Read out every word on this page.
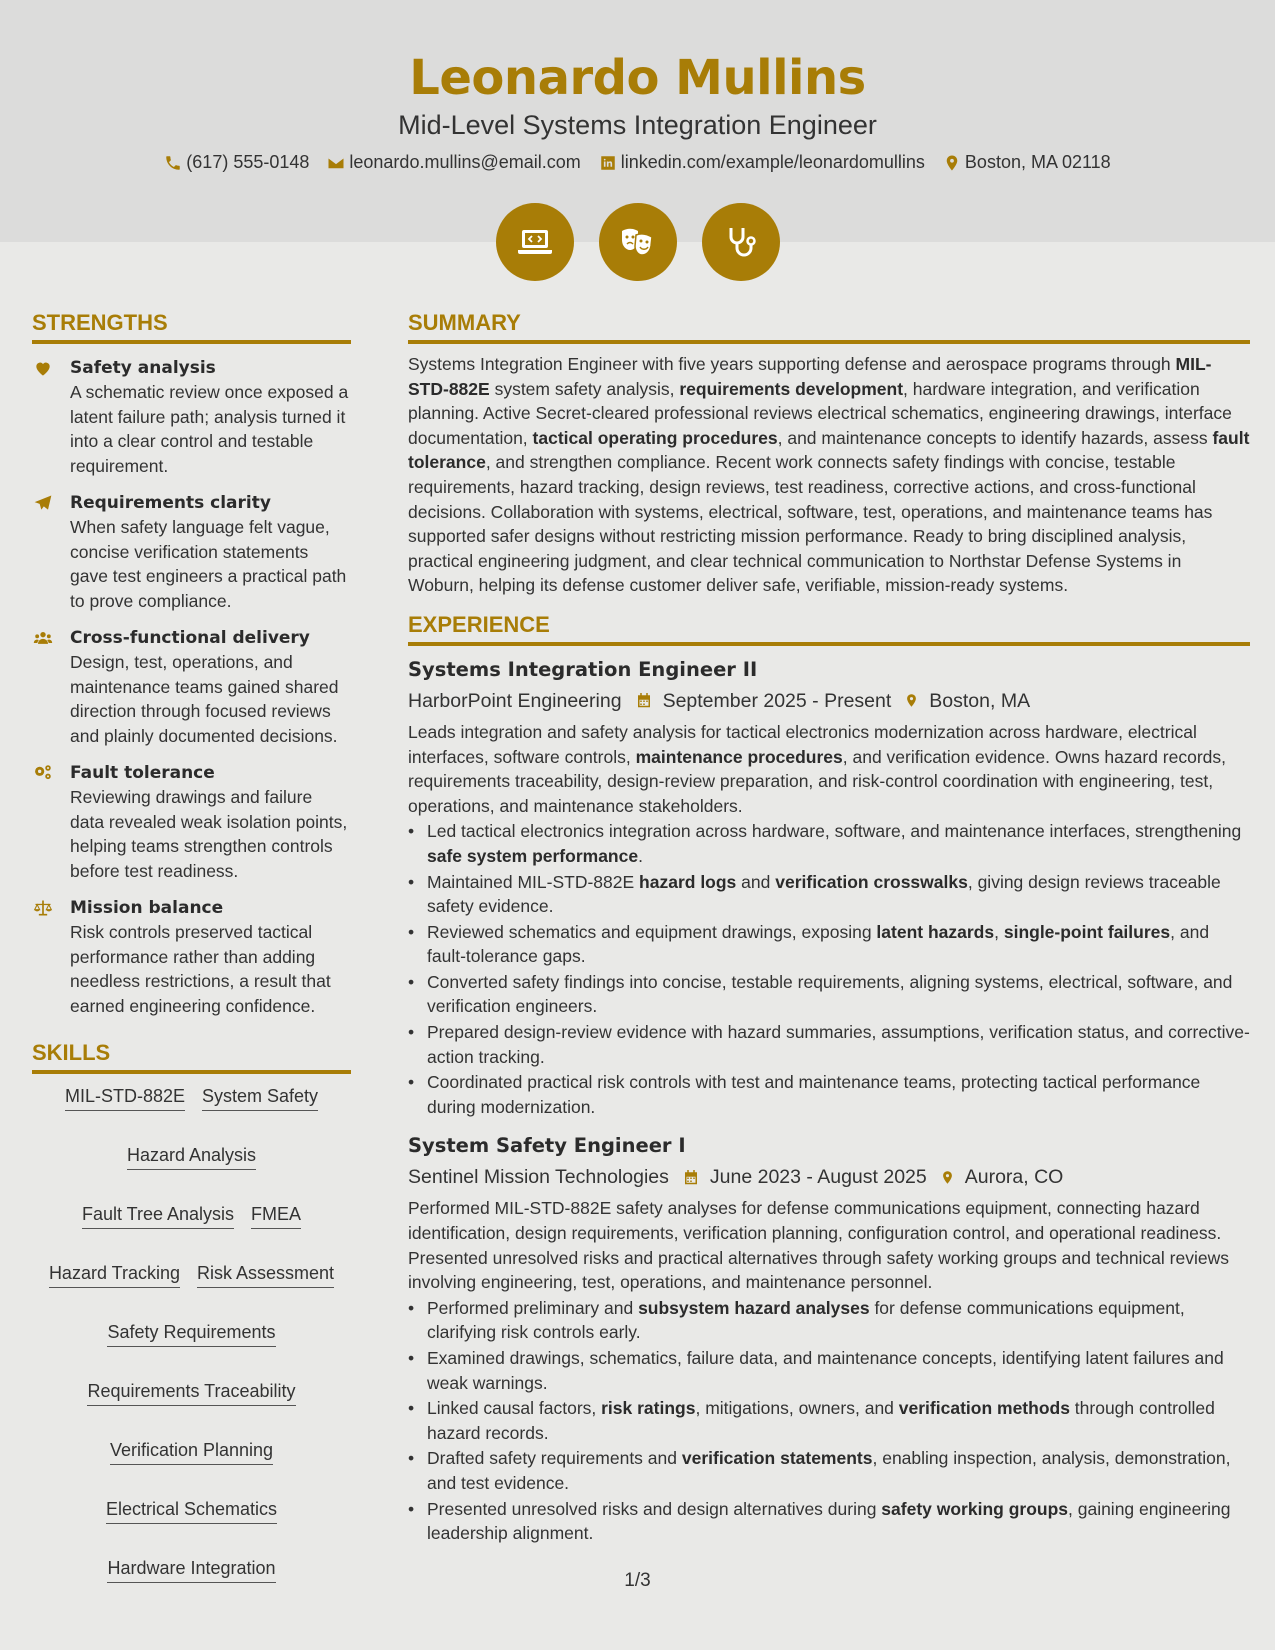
Leonardo Mullins
Mid-Level Systems Integration Engineer
(617) 555-0148 leonardo.mullins@email.com linkedin.com/example/leonardomullins Boston, MA 02118
STRENGTHS
Safety analysis
A schematic review once exposed a latent failure path; analysis turned it into a clear control and testable requirement.
Requirements clarity
When safety language felt vague, concise verification statements gave test engineers a practical path to prove compliance.
Cross-functional delivery
Design, test, operations, and maintenance teams gained shared direction through focused reviews and plainly documented decisions.
Fault tolerance
Reviewing drawings and failure data revealed weak isolation points, helping teams strengthen controls before test readiness.
Mission balance
Risk controls preserved tactical performance rather than adding needless restrictions, a result that earned engineering confidence.
SKILLS
MIL-STD-882E System Safety
Hazard Analysis
Fault Tree Analysis FMEA
Hazard Tracking Risk Assessment
Safety Requirements
Requirements Traceability
Verification Planning
Electrical Schematics
Hardware Integration
SUMMARY
Systems Integration Engineer with five years supporting defense and aerospace programs through MIL-STD-882E system safety analysis, requirements development, hardware integration, and verification planning. Active Secret-cleared professional reviews electrical schematics, engineering drawings, interface documentation, tactical operating procedures, and maintenance concepts to identify hazards, assess fault tolerance, and strengthen compliance. Recent work connects safety findings with concise, testable requirements, hazard tracking, design reviews, test readiness, corrective actions, and cross-functional decisions. Collaboration with systems, electrical, software, test, operations, and maintenance teams has supported safer designs without restricting mission performance. Ready to bring disciplined analysis, practical engineering judgment, and clear technical communication to Northstar Defense Systems in Woburn, helping its defense customer deliver safe, verifiable, mission-ready systems.
EXPERIENCE
Systems Integration Engineer II
HarborPoint Engineering September 2025 - Present Boston, MA
Leads integration and safety analysis for tactical electronics modernization across hardware, electrical interfaces, software controls, maintenance procedures, and verification evidence. Owns hazard records, requirements traceability, design-review preparation, and risk-control coordination with engineering, test, operations, and maintenance stakeholders.
• Led tactical electronics integration across hardware, software, and maintenance interfaces, strengthening safe system performance.
• Maintained MIL-STD-882E hazard logs and verification crosswalks, giving design reviews traceable safety evidence.
• Reviewed schematics and equipment drawings, exposing latent hazards, single-point failures, and fault-tolerance gaps.
• Converted safety findings into concise, testable requirements, aligning systems, electrical, software, and verification engineers.
• Prepared design-review evidence with hazard summaries, assumptions, verification status, and corrective-action tracking.
• Coordinated practical risk controls with test and maintenance teams, protecting tactical performance during modernization.
System Safety Engineer I
Sentinel Mission Technologies June 2023 - August 2025 Aurora, CO
Performed MIL-STD-882E safety analyses for defense communications equipment, connecting hazard identification, design requirements, verification planning, configuration control, and operational readiness. Presented unresolved risks and practical alternatives through safety working groups and technical reviews involving engineering, test, operations, and maintenance personnel.
• Performed preliminary and subsystem hazard analyses for defense communications equipment, clarifying risk controls early.
• Examined drawings, schematics, failure data, and maintenance concepts, identifying latent failures and weak warnings.
• Linked causal factors, risk ratings, mitigations, owners, and verification methods through controlled hazard records.
• Drafted safety requirements and verification statements, enabling inspection, analysis, demonstration, and test evidence.
• Presented unresolved risks and design alternatives during safety working groups, gaining engineering leadership alignment.
1/3
